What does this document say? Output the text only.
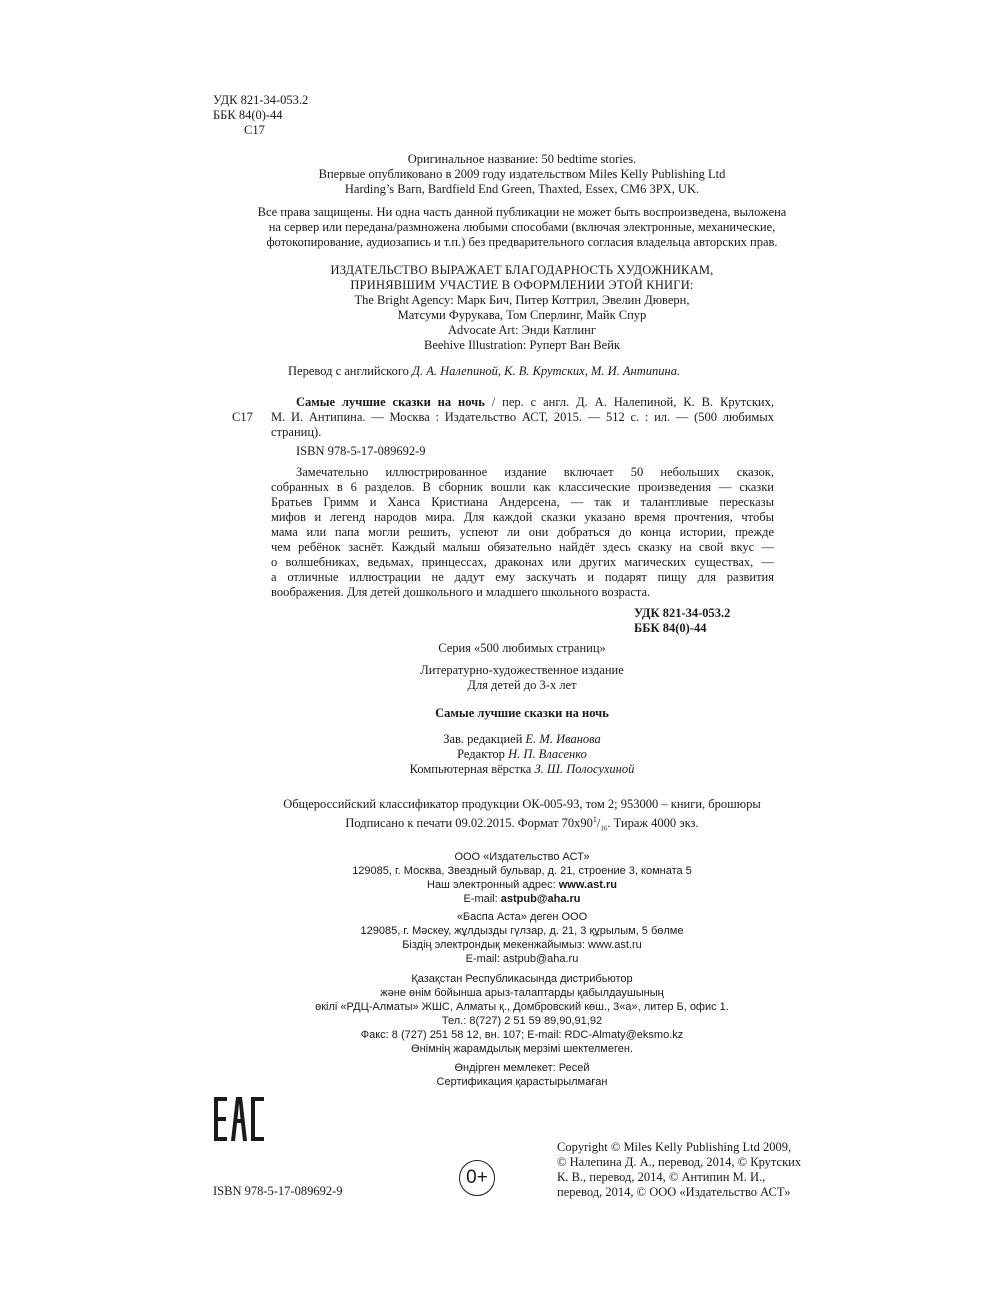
УДК 821-34-053.2
ББК 84(0)-44
С17
Оригинальное название: 50 bedtime stories.
Впервые опубликовано в 2009 году издательством Miles Kelly Publishing Ltd
Harding’s Barn, Bardfield End Green, Thaxted, Essex, CM6 3PX, UK.
Все права защищены. Ни одна часть данной публикации не может быть воспроизведена, выложена
на сервер или передана/размножена любыми способами (включая электронные, механические,
фотокопирование, аудиозапись и т.п.) без предварительного согласия владельца авторских прав.
ИЗДАТЕЛЬСТВО ВЫРАЖАЕТ БЛАГОДАРНОСТЬ ХУДОЖНИКАМ,
ПРИНЯВШИМ УЧАСТИЕ В ОФОРМЛЕНИИ ЭТОЙ КНИГИ:
The Bright Agency: Марк Бич, Питер Коттрил, Эвелин Дюверн,
Матсуми Фурукава, Том Сперлинг, Майк Спур
Advocate Art: Энди Катлинг
Beehive Illustration: Руперт Ван Вейк
Перевод с английского Д. А. Налепиной, К. В. Крутских, М. И. Антипина.
С17
Самые лучшие сказки на ночь / пер. с англ. Д. А. Налепиной, К. В. Крутских,
М. И. Антипина. — Москва : Издательство АСТ, 2015. — 512 с. : ил. — (500 любимых
страниц).
ISBN 978-5-17-089692-9
Замечательно иллюстрированное издание включает 50 небольших сказок,
собранных в 6 разделов. В сборник вошли как классические произведения — сказки
Братьев Гримм и Ханса Кристиана Андерсена, — так и талантливые пересказы
мифов и легенд народов мира. Для каждой сказки указано время прочтения, чтобы
мама или папа могли решить, успеют ли они добраться до конца истории, прежде
чем ребёнок заснёт. Каждый малыш обязательно найдёт здесь сказку на свой вкус —
о волшебниках, ведьмах, принцессах, драконах или других магических существах, —
а отличные иллюстрации не дадут ему заскучать и подарят пищу для развития
воображения. Для детей дошкольного и младшего школьного возраста.
УДК 821-34-053.2
ББК 84(0)-44
Серия «500 любимых страниц»
Литературно-художественное издание
Для детей до 3-х лет
Самые лучшие сказки на ночь
Зав. редакцией Е. М. Иванова
Редактор Н. П. Власенко
Компьютерная вёрстка З. Ш. Полосухиной
Общероссийский классификатор продукции ОК-005-93, том 2; 953000 – книги, брошюры
Подписано к печати 09.02.2015. Формат $70х90^1/_{16}$. Тираж 4000 экз.
ООО «Издательство АСТ»
129085, г. Москва, Звездный бульвар, д. 21, строение 3, комната 5
Наш электронный адрес: www.ast.ru
E-mail: astpub@aha.ru
«Баспа Аста» деген ООО
129085, г. Мәскеу, жұлдызды гүлзар, д. 21, 3 құрылым, 5 бөлме
Біздің электрондық мекенжайымыз: www.ast.ru
E-mail: astpub@aha.ru
Қазақстан Республикасында дистрибьютор
және өнім бойынша арыз-талаптарды қабылдаушының
өкілі «РДЦ-Алматы» ЖШС, Алматы қ., Домбровский көш., 3«а», литер Б, офис 1.
Тел.: 8(727) 2 51 59 89,90,91,92
Факс: 8 (727) 251 58 12, вн. 107; E-mail: RDC-Almaty@eksmo.kz
Өнімнің жарамдылық мерзімі шектелмеген.
Өндірген мемлекет: Ресей
Сертификация қарастырылмаған
ISBN 978-5-17-089692-9
0+
Copyright © Miles Kelly Publishing Ltd 2009,
© Налепина Д. А., перевод, 2014, © Крутских
К. В., перевод, 2014, © Антипин М. И.,
перевод, 2014, © ООО «Издательство АСТ»
